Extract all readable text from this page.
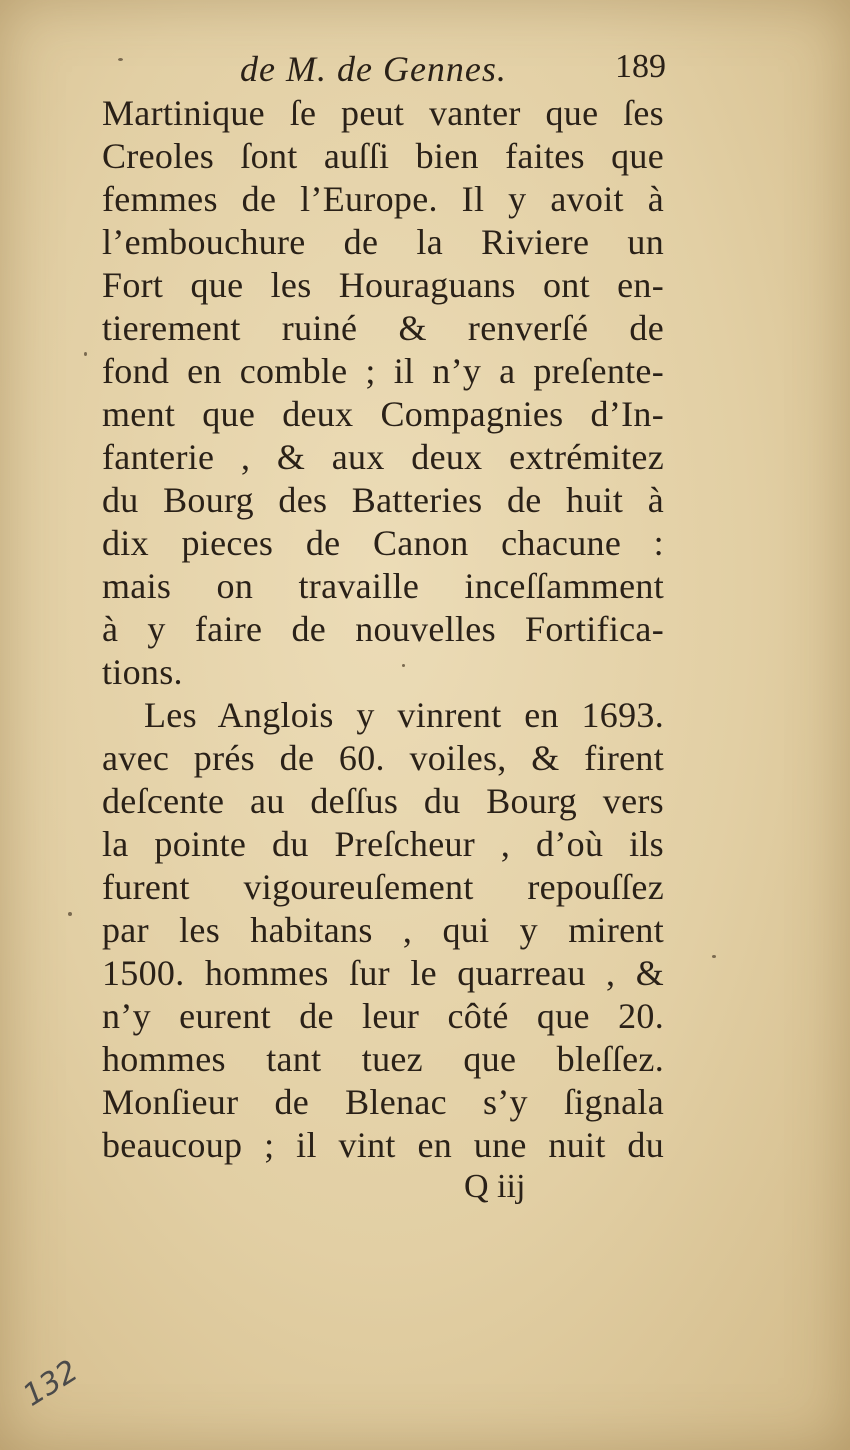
de M. de Gennes.	189
Martinique ſe peut vanter que ſes
Creoles ſont auſſi bien faites que
femmes de l’Europe. Il y avoit à
l’embouchure de la Riviere un
Fort que les Houraguans ont en-
tierement ruiné & renverſé de
fond en comble ; il n’y a preſente-
ment que deux Compagnies d’In-
fanterie , & aux deux extrémitez
du Bourg des Batteries de huit à
dix pieces de Canon chacune :
mais on travaille inceſſamment
à y faire de nouvelles Fortifica-
tions.
Les Anglois y vinrent en 1693.
avec prés de 60. voiles, & firent
deſcente au deſſus du Bourg vers
la pointe du Preſcheur , d’où ils
furent vigoureuſement repouſſez
par les habitans , qui y mirent
1500. hommes ſur le quarreau , &
n’y eurent de leur côté que 20.
hommes tant tuez que bleſſez.
Monſieur de Blenac s’y ſignala
beaucoup ; il vint en une nuit du
Q iij
132
